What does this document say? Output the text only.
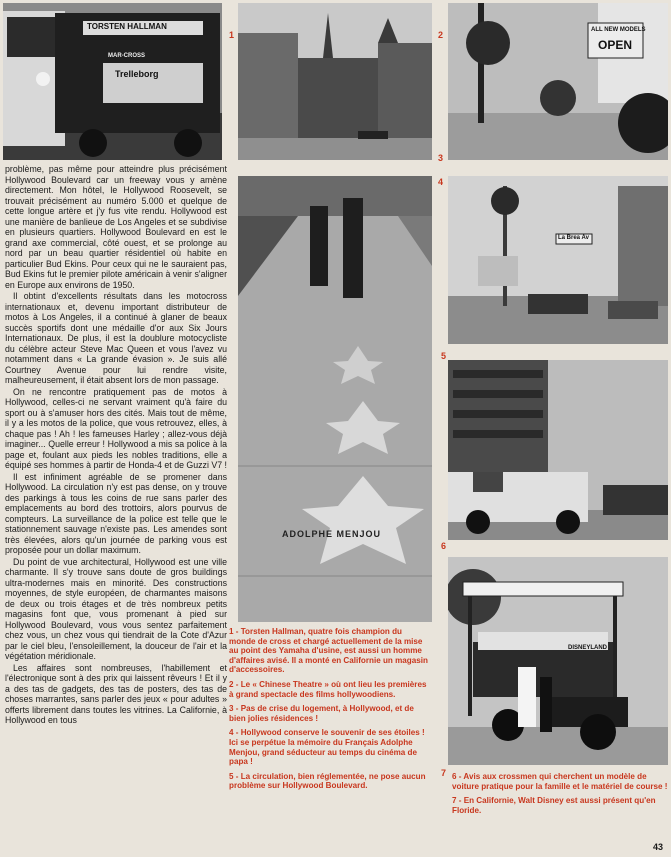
TORSTEN HALLMAN
Trelleborg
MAR-CROSS
ALL NEW MODELS
OPEN
ADOLPHE MENJOU
La Brea Av
DISNEYLAND
1	2
3
4
5
6
7

problème, pas même pour atteindre plus précisément Hollywood Boulevard car un freeway vous y amène directement. Mon hôtel, le Hollywood Roosevelt, se trouvait précisément au numéro 5.000 et quelque de cette longue artère et j'y fus vite rendu. Hollywood est une manière de banlieue de Los Angeles et se subdivise en plusieurs quartiers. Hollywood Boulevard en est le grand axe commercial, côté ouest, et se prolonge au nord par un beau quartier résidentiel où habite en particulier Bud Ekins. Pour ceux qui ne le sauraient pas, Bud Ekins fut le premier pilote américain à venir s'aligner en Europe aux environs de 1950.

Il obtint d'excellents résultats dans les motocross internationaux et, devenu important distributeur de motos à Los Angeles, il a continué à glaner de beaux succès sportifs dont une médaille d'or aux Six Jours Internationaux. De plus, il est la doublure motocycliste du célèbre acteur Steve Mac Queen et vous l'avez vu notamment dans « La grande évasion ». Je suis allé Courtney Avenue pour lui rendre visite, malheureusement, il était absent lors de mon passage.

On ne rencontre pratiquement pas de motos à Hollywood, celles-ci ne servant vraiment qu'à faire du sport ou à s'amuser hors des cités. Mais tout de même, il y a les motos de la police, que vous retrouvez, elles, à chaque pas ! Ah ! les fameuses Harley ; allez-vous déjà imaginer... Quelle erreur ! Hollywood a mis sa police à la page et, foulant aux pieds les nobles traditions, elle a équipé ses hommes à partir de Honda-4 et de Guzzi V7 !

Il est infiniment agréable de se promener dans Hollywood. La circulation n'y est pas dense, on y trouve des parkings à tous les coins de rue sans parler des emplacements au bord des trottoirs, alors pourvus de compteurs. La surveillance de la police est telle que le stationnement sauvage n'existe pas. Les amendes sont très élevées, alors qu'un journée de parking vous est proposée pour un dollar maximum.

Du point de vue architectural, Hollywood est une ville charmante. Il s'y trouve sans doute de gros buildings ultra-modernes mais en minorité. Des constructions moyennes, de style européen, de charmantes maisons de deux ou trois étages et de très nombreux petits magasins font que, vous promenant à pied sur Hollywood Boulevard, vous vous sentez parfaitement chez vous, un chez vous qui tiendrait de la Cote d'Azur par le ciel bleu, l'ensoleillement, la douceur de l'air et la végétation méridionale.

Les affaires sont nombreuses, l'habillement et l'électronique sont à des prix qui laissent rêveurs ! Et il y a des tas de gadgets, des tas de posters, des tas de choses marrantes, sans parler des jeux « pour adultes » offerts librement dans toutes les vitrines. La Californie, à Hollywood en tous

1 - Torsten Hallman, quatre fois champion du monde de cross et chargé actuellement de la mise au point des Yamaha d'usine, est aussi un homme d'affaires avisé. Il a monté en Californie un magasin d'accessoires.

2 - Le « Chinese Theatre » où ont lieu les premières à grand spectacle des films hollywoodiens.

3 - Pas de crise du logement, à Hollywood, et de bien jolies résidences !

4 - Hollywood conserve le souvenir de ses étoiles ! Ici se perpétue la mémoire du Français Adolphe Menjou, grand séducteur au temps du cinéma de papa !

5 - La circulation, bien réglementée, ne pose aucun problème sur Hollywood Boulevard.

6 - Avis aux crossmen qui cherchent un modèle de voiture pratique pour la famille et le matériel de course !

7 - En Californie, Walt Disney est aussi présent qu'en Floride.

43
